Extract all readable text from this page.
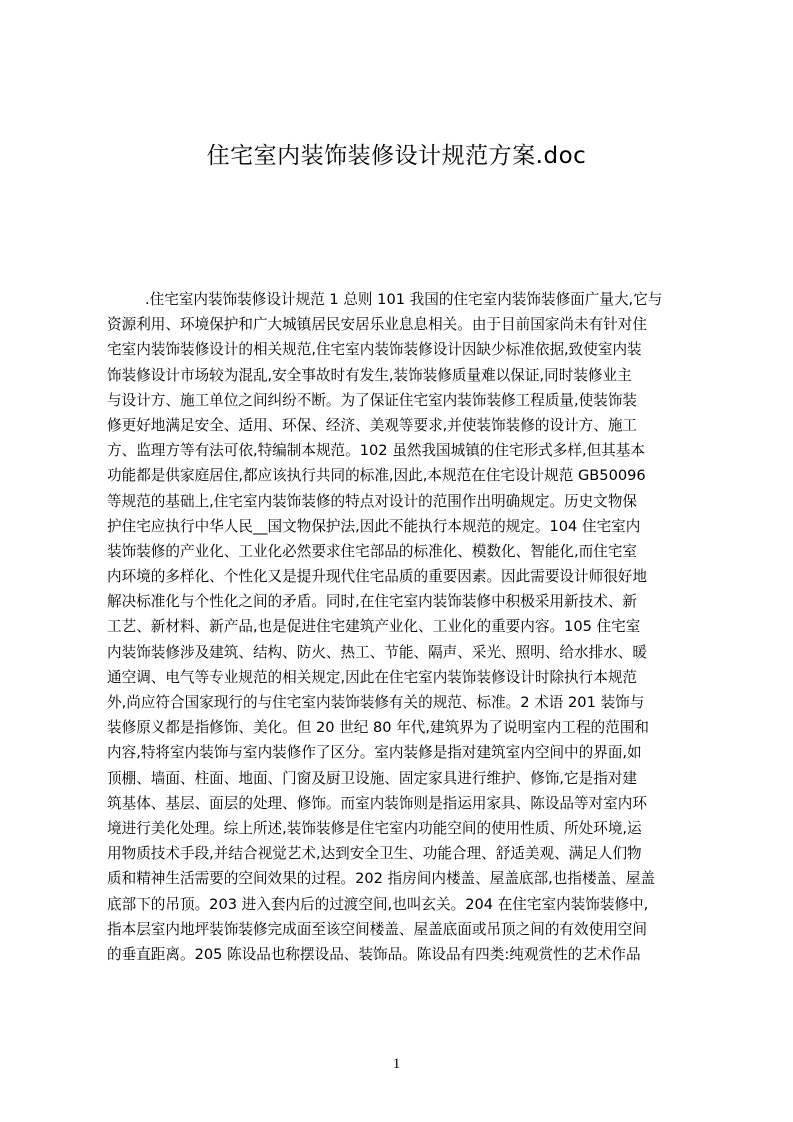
住宅室内装饰装修设计规范方案.doc
.住宅室内装饰装修设计规范 1 总则 101 我国的住宅室内装饰装修面广量大,它与
资源利用、环境保护和广大城镇居民安居乐业息息相关。由于目前国家尚未有针对住
宅室内装饰装修设计的相关规范,住宅室内装饰装修设计因缺少标准依据,致使室内装
饰装修设计市场较为混乱,安全事故时有发生,装饰装修质量难以保证,同时装修业主
与设计方、施工单位之间纠纷不断。为了保证住宅室内装饰装修工程质量,使装饰装
修更好地满足安全、适用、环保、经济、美观等要求,并使装饰装修的设计方、施工
方、监理方等有法可依,特编制本规范。102 虽然我国城镇的住宅形式多样,但其基本
功能都是供家庭居住,都应该执行共同的标准,因此,本规范在住宅设计规范 GB50096
等规范的基础上,住宅室内装饰装修的特点对设计的范围作出明确规定。历史文物保
护住宅应执行中华人民__国文物保护法,因此不能执行本规范的规定。104 住宅室内
装饰装修的产业化、工业化必然要求住宅部品的标准化、模数化、智能化,而住宅室
内环境的多样化、个性化又是提升现代住宅品质的重要因素。因此需要设计师很好地
解决标准化与个性化之间的矛盾。同时,在住宅室内装饰装修中积极采用新技术、新
工艺、新材料、新产品,也是促进住宅建筑产业化、工业化的重要内容。105 住宅室
内装饰装修涉及建筑、结构、防火、热工、节能、隔声、采光、照明、给水排水、暖
通空调、电气等专业规范的相关规定,因此在住宅室内装饰装修设计时除执行本规范
外,尚应符合国家现行的与住宅室内装饰装修有关的规范、标准。2 术语 201 装饰与
装修原义都是指修饰、美化。但 20 世纪 80 年代,建筑界为了说明室内工程的范围和
内容,特将室内装饰与室内装修作了区分。室内装修是指对建筑室内空间中的界面,如
顶棚、墙面、柱面、地面、门窗及厨卫设施、固定家具进行维护、修饰,它是指对建
筑基体、基层、面层的处理、修饰。而室内装饰则是指运用家具、陈设品等对室内环
境进行美化处理。综上所述,装饰装修是住宅室内功能空间的使用性质、所处环境,运
用物质技术手段,并结合视觉艺术,达到安全卫生、功能合理、舒适美观、满足人们物
质和精神生活需要的空间效果的过程。202 指房间内楼盖、屋盖底部,也指楼盖、屋盖
底部下的吊顶。203 进入套内后的过渡空间,也叫玄关。204 在住宅室内装饰装修中,
指本层室内地坪装饰装修完成面至该空间楼盖、屋盖底面或吊顶之间的有效使用空间
的垂直距离。205 陈设品也称摆设品、装饰品。陈设品有四类:纯观赏性的艺术作品
1
